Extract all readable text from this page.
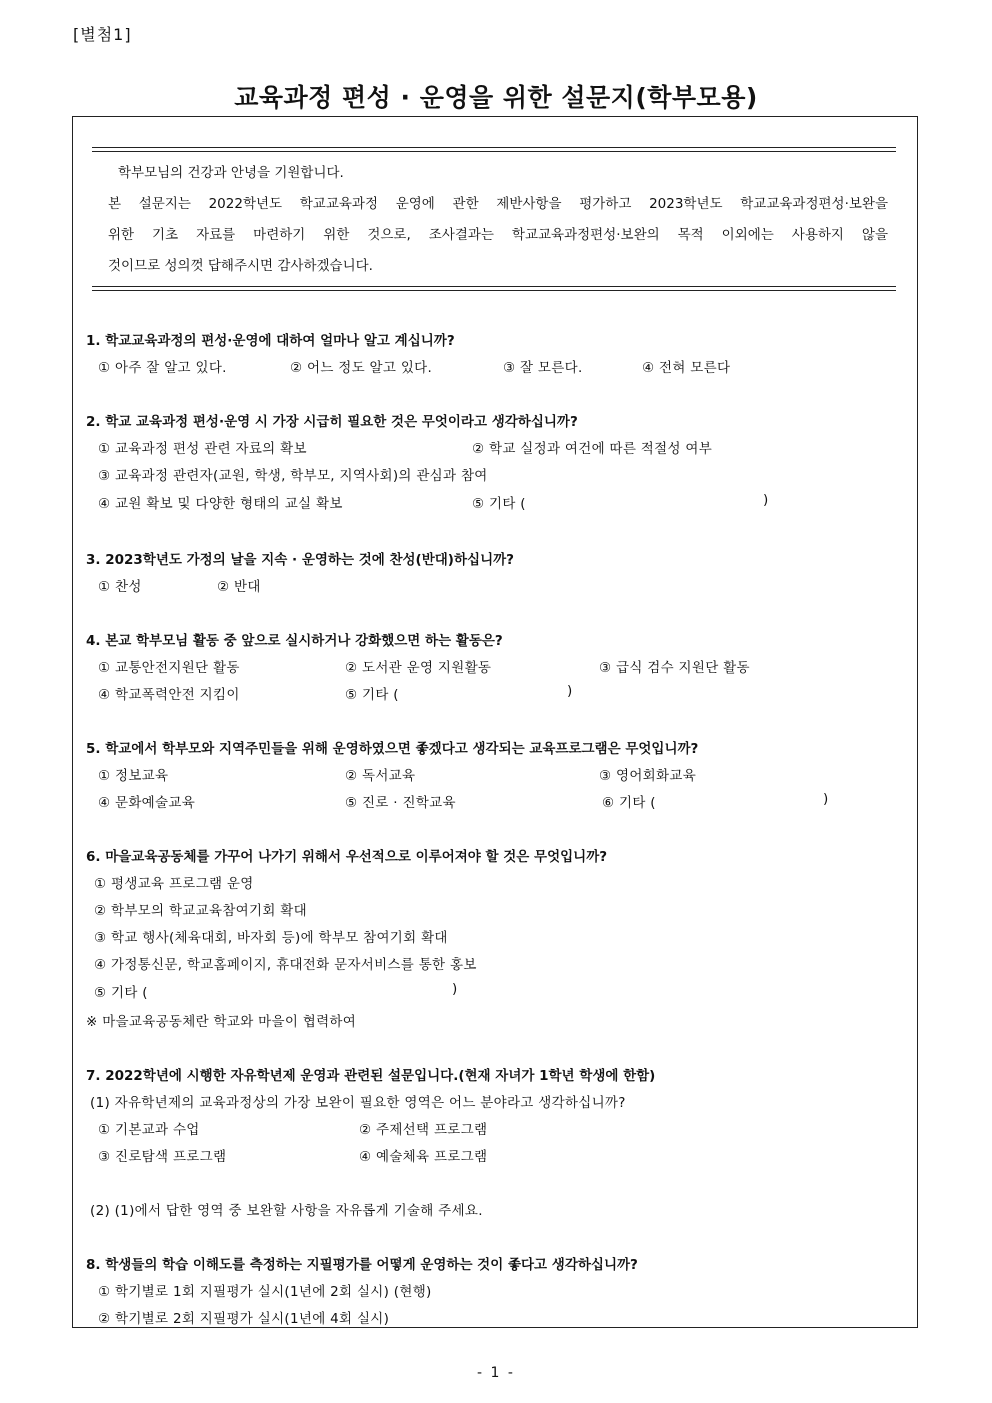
[별첨1]
교육과정 편성 · 운영을 위한 설문지(학부모용)

학부모님의 건강과 안녕을 기원합니다.

본 설문지는 2022학년도 학교교육과정 운영에 관한 제반사항을 평가하고 2023학년도 학교교육과정편성·보완을

위한 기초 자료를 마련하기 위한 것으로, 조사결과는 학교교육과정편성·보완의 목적 이외에는 사용하지 않을

것이므로 성의껏 답해주시면 감사하겠습니다.

1. 학교교육과정의 편성·운영에 대하여 얼마나 알고 계십니까?
① 아주 잘 알고 있다.	② 어느 정도 알고 있다.	③ 잘 모른다.	④ 전혀 모른다
2. 학교 교육과정 편성·운영 시 가장 시급히 필요한 것은 무엇이라고 생각하십니까?
① 교육과정 편성 관련 자료의 확보	② 학교 실정과 여건에 따른 적절성 여부
③ 교육과정 관련자(교원, 학생, 학부모, 지역사회)의 관심과 참여
④ 교원 확보 및 다양한 형태의 교실 확보	⑤ 기타 (	)
3. 2023학년도 가정의 날을 지속 · 운영하는 것에 찬성(반대)하십니까?
① 찬성	② 반대
4. 본교 학부모님 활동 중 앞으로 실시하거나 강화했으면 하는 활동은?
① 교통안전지원단 활동	② 도서관 운영 지원활동	③ 급식 검수 지원단 활동
④ 학교폭력안전 지킴이	⑤ 기타 (	)
5. 학교에서 학부모와 지역주민들을 위해 운영하였으면 좋겠다고 생각되는 교육프로그램은 무엇입니까?
① 정보교육	② 독서교육	③ 영어회화교육
④ 문화예술교육	⑤ 진로 · 진학교육	⑥ 기타 (	)
6. 마을교육공동체를 가꾸어 나가기 위해서 우선적으로 이루어져야 할 것은 무엇입니까?
① 평생교육 프로그램 운영
② 학부모의 학교교육참여기회 확대
③ 학교 행사(체육대회, 바자회 등)에 학부모 참여기회 확대
④ 가정통신문, 학교홈페이지, 휴대전화 문자서비스를 통한 홍보
⑤ 기타 (	)
※ 마을교육공동체란 학교와 마을이 협력하여
7. 2022학년에 시행한 자유학년제 운영과 관련된 설문입니다.(현재 자녀가 1학년 학생에 한함)
(1) 자유학년제의 교육과정상의 가장 보완이 필요한 영역은 어느 분야라고 생각하십니까?
① 기본교과 수업	② 주제선택 프로그램
③ 진로탐색 프로그램	④ 예술체육 프로그램
(2) (1)에서 답한 영역 중 보완할 사항을 자유롭게 기술해 주세요.
8. 학생들의 학습 이해도를 측정하는 지필평가를 어떻게 운영하는 것이 좋다고 생각하십니까?
① 학기별로 1회 지필평가 실시(1년에 2회 실시) (현행)
② 학기별로 2회 지필평가 실시(1년에 4회 실시)
- 1 -
